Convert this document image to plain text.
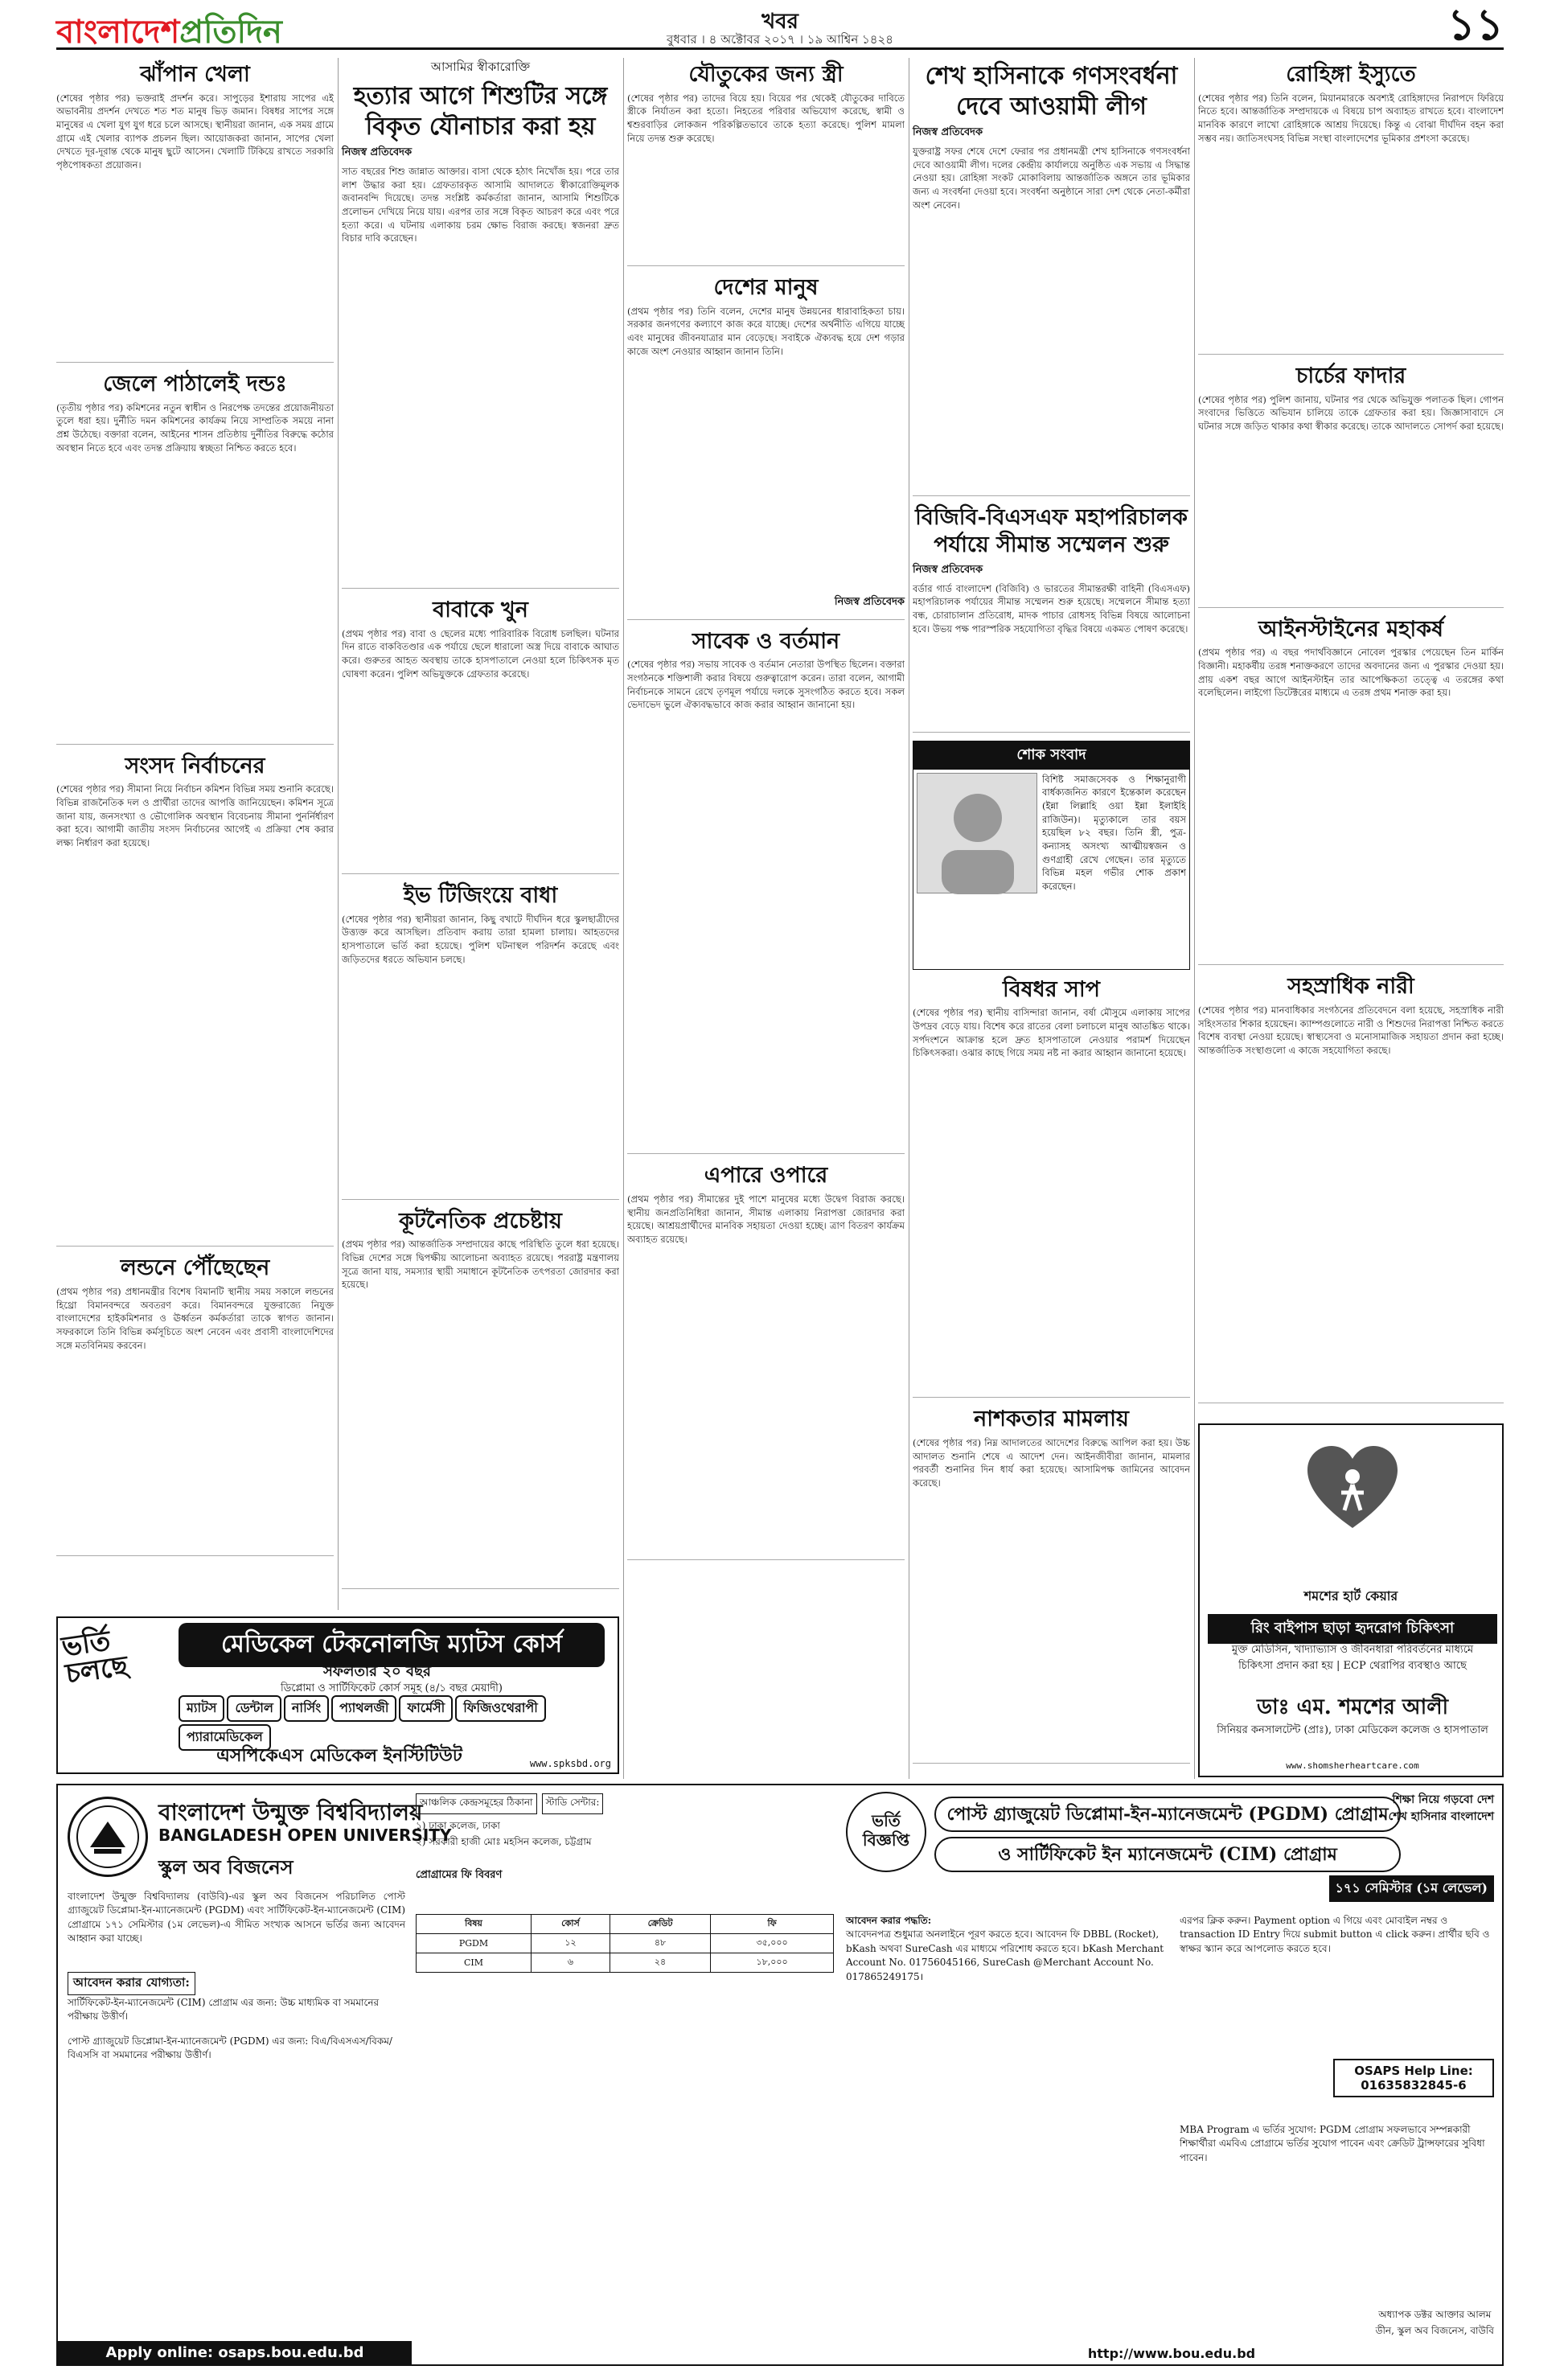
বাংলাদেশপ্রতিদিন	খবর
বুধবার । ৪ অক্টোবর ২০১৭ । ১৯ আশ্বিন ১৪২৪	১১
ঝাঁপান খেলা

(শেষের পৃষ্ঠার পর) ভক্তরাই প্রদর্শন করে। সাপুড়ের ইশারায় সাপের এই অভাবনীয় প্রদর্শন দেখতে শত শত মানুষ ভিড় জমান। বিষধর সাপের সঙ্গে মানুষের এ খেলা যুগ যুগ ধরে চলে আসছে। স্থানীয়রা জানান, এক সময় গ্রামে গ্রামে এই খেলার ব্যাপক প্রচলন ছিল। আয়োজকরা জানান, সাপের খেলা দেখতে দূর-দূরান্ত থেকে মানুষ ছুটে আসেন। খেলাটি টিকিয়ে রাখতে সরকারি পৃষ্ঠপোষকতা প্রয়োজন।

জেলে পাঠালেই দন্ডঃ

(তৃতীয় পৃষ্ঠার পর) কমিশনের নতুন স্বাধীন ও নিরপেক্ষ তদন্তের প্রয়োজনীয়তা তুলে ধরা হয়। দুর্নীতি দমন কমিশনের কার্যক্রম নিয়ে সাম্প্রতিক সময়ে নানা প্রশ্ন উঠেছে। বক্তারা বলেন, আইনের শাসন প্রতিষ্ঠায় দুর্নীতির বিরুদ্ধে কঠোর অবস্থান নিতে হবে এবং তদন্ত প্রক্রিয়ায় স্বচ্ছতা নিশ্চিত করতে হবে।

সংসদ নির্বাচনের

(শেষের পৃষ্ঠার পর) সীমানা নিয়ে নির্বাচন কমিশন বিভিন্ন সময় শুনানি করেছে। বিভিন্ন রাজনৈতিক দল ও প্রার্থীরা তাদের আপত্তি জানিয়েছেন। কমিশন সূত্রে জানা যায়, জনসংখ্যা ও ভৌগোলিক অবস্থান বিবেচনায় সীমানা পুনর্নির্ধারণ করা হবে। আগামী জাতীয় সংসদ নির্বাচনের আগেই এ প্রক্রিয়া শেষ করার লক্ষ্য নির্ধারণ করা হয়েছে।

লন্ডনে পৌঁছেছেন

(প্রথম পৃষ্ঠার পর) প্রধানমন্ত্রীর বিশেষ বিমানটি স্থানীয় সময় সকালে লন্ডনের হিথ্রো বিমানবন্দরে অবতরণ করে। বিমানবন্দরে যুক্তরাজ্যে নিযুক্ত বাংলাদেশের হাইকমিশনার ও ঊর্ধ্বতন কর্মকর্তারা তাকে স্বাগত জানান। সফরকালে তিনি বিভিন্ন কর্মসূচিতে অংশ নেবেন এবং প্রবাসী বাংলাদেশিদের সঙ্গে মতবিনিময় করবেন।

আসামির স্বীকারোক্তি
হত্যার আগে শিশুটির সঙ্গে বিকৃত যৌনাচার করা হয়
নিজস্ব প্রতিবেদক

সাত বছরের শিশু জান্নাত আক্তার। বাসা থেকে হঠাৎ নিখোঁজ হয়। পরে তার লাশ উদ্ধার করা হয়। গ্রেফতারকৃত আসামি আদালতে স্বীকারোক্তিমূলক জবানবন্দি দিয়েছে। তদন্ত সংশ্লিষ্ট কর্মকর্তারা জানান, আসামি শিশুটিকে প্রলোভন দেখিয়ে নিয়ে যায়। এরপর তার সঙ্গে বিকৃত আচরণ করে এবং পরে হত্যা করে। এ ঘটনায় এলাকায় চরম ক্ষোভ বিরাজ করছে। স্বজনরা দ্রুত বিচার দাবি করেছেন।

বাবাকে খুন

(প্রথম পৃষ্ঠার পর) বাবা ও ছেলের মধ্যে পারিবারিক বিরোধ চলছিল। ঘটনার দিন রাতে বাকবিতণ্ডার এক পর্যায়ে ছেলে ধারালো অস্ত্র দিয়ে বাবাকে আঘাত করে। গুরুতর আহত অবস্থায় তাকে হাসপাতালে নেওয়া হলে চিকিৎসক মৃত ঘোষণা করেন। পুলিশ অভিযুক্তকে গ্রেফতার করেছে।

ইভ টিজিংয়ে বাধা

(শেষের পৃষ্ঠার পর) স্থানীয়রা জানান, কিছু বখাটে দীর্ঘদিন ধরে স্কুলছাত্রীদের উত্ত্যক্ত করে আসছিল। প্রতিবাদ করায় তারা হামলা চালায়। আহতদের হাসপাতালে ভর্তি করা হয়েছে। পুলিশ ঘটনাস্থল পরিদর্শন করেছে এবং জড়িতদের ধরতে অভিযান চলছে।

কূটনৈতিক প্রচেষ্টায়

(প্রথম পৃষ্ঠার পর) আন্তর্জাতিক সম্প্রদায়ের কাছে পরিস্থিতি তুলে ধরা হয়েছে। বিভিন্ন দেশের সঙ্গে দ্বিপক্ষীয় আলোচনা অব্যাহত রয়েছে। পররাষ্ট্র মন্ত্রণালয় সূত্রে জানা যায়, সমস্যার স্থায়ী সমাধানে কূটনৈতিক তৎপরতা জোরদার করা হয়েছে।

যৌতুকের জন্য স্ত্রী

(শেষের পৃষ্ঠার পর) তাদের বিয়ে হয়। বিয়ের পর থেকেই যৌতুকের দাবিতে স্ত্রীকে নির্যাতন করা হতো। নিহতের পরিবার অভিযোগ করেছে, স্বামী ও শ্বশুরবাড়ির লোকজন পরিকল্পিতভাবে তাকে হত্যা করেছে। পুলিশ মামলা নিয়ে তদন্ত শুরু করেছে।

দেশের মানুষ

(প্রথম পৃষ্ঠার পর) তিনি বলেন, দেশের মানুষ উন্নয়নের ধারাবাহিকতা চায়। সরকার জনগণের কল্যাণে কাজ করে যাচ্ছে। দেশের অর্থনীতি এগিয়ে যাচ্ছে এবং মানুষের জীবনযাত্রার মান বেড়েছে। সবাইকে ঐক্যবদ্ধ হয়ে দেশ গড়ার কাজে অংশ নেওয়ার আহ্বান জানান তিনি।

নিজস্ব প্রতিবেদক
সাবেক ও বর্তমান

(শেষের পৃষ্ঠার পর) সভায় সাবেক ও বর্তমান নেতারা উপস্থিত ছিলেন। বক্তারা সংগঠনকে শক্তিশালী করার বিষয়ে গুরুত্বারোপ করেন। তারা বলেন, আগামী নির্বাচনকে সামনে রেখে তৃণমূল পর্যায়ে দলকে সুসংগঠিত করতে হবে। সকল ভেদাভেদ ভুলে ঐক্যবদ্ধভাবে কাজ করার আহ্বান জানানো হয়।

এপারে ওপারে

(প্রথম পৃষ্ঠার পর) সীমান্তের দুই পাশে মানুষের মধ্যে উদ্বেগ বিরাজ করছে। স্থানীয় জনপ্রতিনিধিরা জানান, সীমান্ত এলাকায় নিরাপত্তা জোরদার করা হয়েছে। আশ্রয়প্রার্থীদের মানবিক সহায়তা দেওয়া হচ্ছে। ত্রাণ বিতরণ কার্যক্রম অব্যাহত রয়েছে।

শেখ হাসিনাকে গণসংবর্ধনা দেবে আওয়ামী লীগ
নিজস্ব প্রতিবেদক

যুক্তরাষ্ট্র সফর শেষে দেশে ফেরার পর প্রধানমন্ত্রী শেখ হাসিনাকে গণসংবর্ধনা দেবে আওয়ামী লীগ। দলের কেন্দ্রীয় কার্যালয়ে অনুষ্ঠিত এক সভায় এ সিদ্ধান্ত নেওয়া হয়। রোহিঙ্গা সংকট মোকাবিলায় আন্তর্জাতিক অঙ্গনে তার ভূমিকার জন্য এ সংবর্ধনা দেওয়া হবে। সংবর্ধনা অনুষ্ঠানে সারা দেশ থেকে নেতা-কর্মীরা অংশ নেবেন।

বিজিবি-বিএসএফ মহাপরিচালক পর্যায়ে সীমান্ত সম্মেলন শুরু
নিজস্ব প্রতিবেদক

বর্ডার গার্ড বাংলাদেশ (বিজিবি) ও ভারতের সীমান্তরক্ষী বাহিনী (বিএসএফ) মহাপরিচালক পর্যায়ের সীমান্ত সম্মেলন শুরু হয়েছে। সম্মেলনে সীমান্ত হত্যা বন্ধ, চোরাচালান প্রতিরোধ, মাদক পাচার রোধসহ বিভিন্ন বিষয়ে আলোচনা হবে। উভয় পক্ষ পারস্পরিক সহযোগিতা বৃদ্ধির বিষয়ে একমত পোষণ করেছে।

শোক সংবাদ

বিশিষ্ট সমাজসেবক ও শিক্ষানুরাগী বার্ধক্যজনিত কারণে ইন্তেকাল করেছেন (ইন্না লিল্লাহি ওয়া ইন্না ইলাইহি রাজিউন)। মৃত্যুকালে তার বয়স হয়েছিল ৮২ বছর। তিনি স্ত্রী, পুত্র-কন্যাসহ অসংখ্য আত্মীয়স্বজন ও গুণগ্রাহী রেখে গেছেন। তার মৃত্যুতে বিভিন্ন মহল গভীর শোক প্রকাশ করেছেন।

বিষধর সাপ

(শেষের পৃষ্ঠার পর) স্থানীয় বাসিন্দারা জানান, বর্ষা মৌসুমে এলাকায় সাপের উপদ্রব বেড়ে যায়। বিশেষ করে রাতের বেলা চলাচলে মানুষ আতঙ্কিত থাকে। সর্পদংশনে আক্রান্ত হলে দ্রুত হাসপাতালে নেওয়ার পরামর্শ দিয়েছেন চিকিৎসকরা। ওঝার কাছে গিয়ে সময় নষ্ট না করার আহ্বান জানানো হয়েছে।

নাশকতার মামলায়

(শেষের পৃষ্ঠার পর) নিম্ন আদালতের আদেশের বিরুদ্ধে আপিল করা হয়। উচ্চ আদালত শুনানি শেষে এ আদেশ দেন। আইনজীবীরা জানান, মামলার পরবর্তী শুনানির দিন ধার্য করা হয়েছে। আসামিপক্ষ জামিনের আবেদন করেছে।

রোহিঙ্গা ইস্যুতে

(শেষের পৃষ্ঠার পর) তিনি বলেন, মিয়ানমারকে অবশ্যই রোহিঙ্গাদের নিরাপদে ফিরিয়ে নিতে হবে। আন্তর্জাতিক সম্প্রদায়কে এ বিষয়ে চাপ অব্যাহত রাখতে হবে। বাংলাদেশ মানবিক কারণে লাখো রোহিঙ্গাকে আশ্রয় দিয়েছে। কিন্তু এ বোঝা দীর্ঘদিন বহন করা সম্ভব নয়। জাতিসংঘসহ বিভিন্ন সংস্থা বাংলাদেশের ভূমিকার প্রশংসা করেছে।

চার্চের ফাদার

(শেষের পৃষ্ঠার পর) পুলিশ জানায়, ঘটনার পর থেকে অভিযুক্ত পলাতক ছিল। গোপন সংবাদের ভিত্তিতে অভিযান চালিয়ে তাকে গ্রেফতার করা হয়। জিজ্ঞাসাবাদে সে ঘটনার সঙ্গে জড়িত থাকার কথা স্বীকার করেছে। তাকে আদালতে সোপর্দ করা হয়েছে।

আইনস্টাইনের মহাকর্ষ

(প্রথম পৃষ্ঠার পর) এ বছর পদার্থবিজ্ঞানে নোবেল পুরস্কার পেয়েছেন তিন মার্কিন বিজ্ঞানী। মহাকর্ষীয় তরঙ্গ শনাক্তকরণে তাদের অবদানের জন্য এ পুরস্কার দেওয়া হয়। প্রায় একশ বছর আগে আইনস্টাইন তার আপেক্ষিকতা তত্ত্বে এ তরঙ্গের কথা বলেছিলেন। লাইগো ডিটেক্টরের মাধ্যমে এ তরঙ্গ প্রথম শনাক্ত করা হয়।

সহস্রাধিক নারী

(শেষের পৃষ্ঠার পর) মানবাধিকার সংগঠনের প্রতিবেদনে বলা হয়েছে, সহস্রাধিক নারী সহিংসতার শিকার হয়েছেন। ক্যাম্পগুলোতে নারী ও শিশুদের নিরাপত্তা নিশ্চিত করতে বিশেষ ব্যবস্থা নেওয়া হয়েছে। স্বাস্থ্যসেবা ও মনোসামাজিক সহায়তা প্রদান করা হচ্ছে। আন্তর্জাতিক সংস্থাগুলো এ কাজে সহযোগিতা করছে।

ভর্তি চলছে
মেডিকেল টেকনোলজি ম্যাটস কোর্স
সফলতার ২০ বছর
ডিপ্লোমা ও সার্টিফিকেট কোর্স সমূহ (৪/১ বছর মেয়াদী)
ম্যাটস	ডেন্টাল	নার্সিং	প্যাথলজী	ফার্মেসী	ফিজিওথেরাপী
প্যারামেডিকেল
এসপিকেএস মেডিকেল ইনস্টিটিউট	www.spksbd.org
শমশের হার্ট কেয়ার
রিং বাইপাস ছাড়া হৃদরোগ চিকিৎসা
মুক্ত মেডিসিন, খাদ্যাভ্যাস ও জীবনধারা পরিবর্তনের মাধ্যমে
চিকিৎসা প্রদান করা হয় | ECP থেরাপির ব্যবস্থাও আছে
ডাঃ এম. শমশের আলী
সিনিয়র কনসালটেন্ট (প্রাঃ), ঢাকা মেডিকেল কলেজ ও হাসপাতাল
www.shomsherheartcare.com
বাংলাদেশ উন্মুক্ত বিশ্ববিদ্যালয়
BANGLADESH OPEN UNIVERSITY
স্কুল অব বিজনেস

বাংলাদেশ উন্মুক্ত বিশ্ববিদ্যালয় (বাউবি)-এর স্কুল অব বিজনেস পরিচালিত পোস্ট গ্র্যাজুয়েট ডিপ্লোমা-ইন-ম্যানেজমেন্ট (PGDM) এবং সার্টিফিকেট-ইন-ম্যানেজমেন্ট (CIM) প্রোগ্রামে ১৭১ সেমিস্টার (১ম লেভেল)-এ সীমিত সংখ্যক আসনে ভর্তির জন্য আবেদন আহ্বান করা যাচ্ছে।

আবেদন করার যোগ্যতা:

সার্টিফিকেট-ইন-ম্যানেজমেন্ট (CIM) প্রোগ্রাম এর জন্য: উচ্চ মাধ্যমিক বা সমমানের পরীক্ষায় উত্তীর্ণ।

পোস্ট গ্র্যাজুয়েট ডিপ্লোমা-ইন-ম্যানেজমেন্ট (PGDM) এর জন্য: বিএ/বিএসএস/বিকম/বিএসসি বা সমমানের পরীক্ষায় উত্তীর্ণ।

Apply online: osaps.bou.edu.bd
আঞ্চলিক কেন্দ্রসমূহের ঠিকানা	স্টাডি সেন্টার:
১) ঢাকা কলেজ, ঢাকা
২) সরকারী হাজী মোঃ মহসিন কলেজ, চট্টগ্রাম
প্রোগ্রামের ফি বিবরণ
বিষয়	কোর্স	ক্রেডিট	ফি
PGDM	১২	৪৮	৩৫,০০০
CIM	৬	২৪	১৮,০০০
ভর্তি বিজ্ঞপ্তি
পোস্ট গ্র্যাজুয়েট ডিপ্লোমা-ইন-ম্যানেজমেন্ট (PGDM) প্রোগ্রাম
ও সার্টিফিকেট ইন ম্যানেজমেন্ট (CIM) প্রোগ্রাম
শিক্ষা নিয়ে গড়বো দেশ
শেখ হাসিনার বাংলাদেশ
১৭১ সেমিস্টার (১ম লেভেল)
আবেদন করার পদ্ধতি:

আবেদনপত্র শুধুমাত্র অনলাইনে পূরণ করতে হবে। আবেদন ফি DBBL (Rocket), bKash অথবা SureCash এর মাধ্যমে পরিশোধ করতে হবে। bKash Merchant Account No. 01756045166, SureCash @Merchant Account No. 017865249175।

এরপর ক্লিক করুন। Payment option এ গিয়ে এবং মোবাইল নম্বর ও transaction ID Entry দিয়ে submit button এ click করুন। প্রার্থীর ছবি ও স্বাক্ষর স্ক্যান করে আপলোড করতে হবে।

OSAPS Help Line:
01635832845-6

MBA Program এ ভর্তির সুযোগ: PGDM প্রোগ্রাম সফলভাবে সম্পন্নকারী শিক্ষার্থীরা এমবিএ প্রোগ্রামে ভর্তির সুযোগ পাবেন এবং ক্রেডিট ট্রান্সফারের সুবিধা পাবেন।

অধ্যাপক ডক্টর আক্তার আলম
ডীন, স্কুল অব বিজনেস, বাউবি
http://www.bou.edu.bd
